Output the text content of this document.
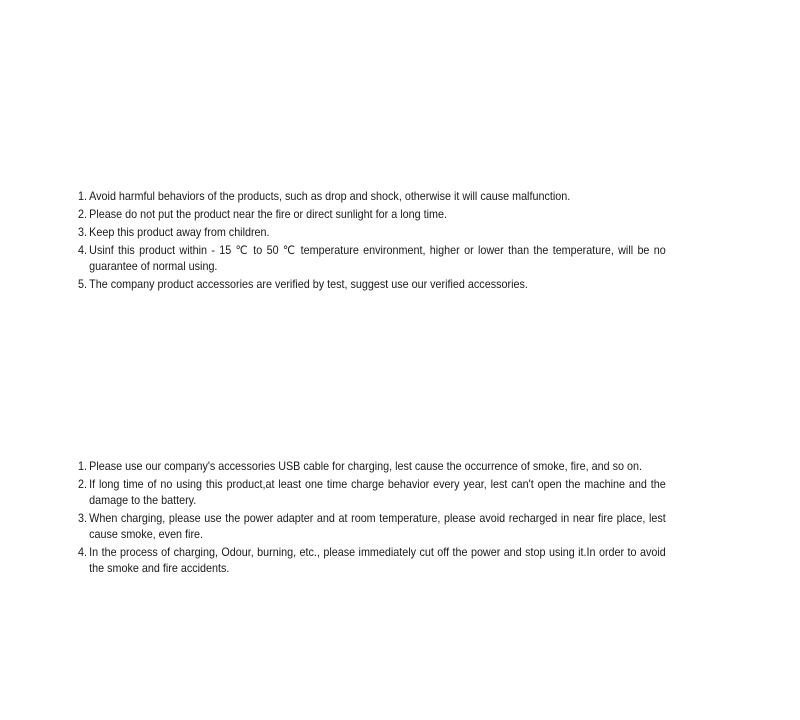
1. Avoid harmful behaviors of the products, such as drop and shock, otherwise it will cause malfunction.
2. Please do not put the product near the fire or direct sunlight for a long time.
3. Keep this product away from children.
4. Usinf this product within - 15 ℃ to 50 ℃ temperature environment, higher or lower than the temperature, will be no guarantee of normal using.
5. The company product accessories are verified by test, suggest use our verified accessories.
1. Please use our company's accessories USB cable for charging, lest cause the occurrence of smoke, fire, and so on.
2. If long time of no using this product,at least one time charge behavior every year, lest can't open the machine and the damage to the battery.
3. When charging, please use the power adapter and at room temperature, please avoid recharged in near fire place, lest cause smoke, even fire.
4. In the process of charging, Odour, burning, etc., please immediately cut off the power and stop using it.In order to avoid the smoke and fire accidents.
